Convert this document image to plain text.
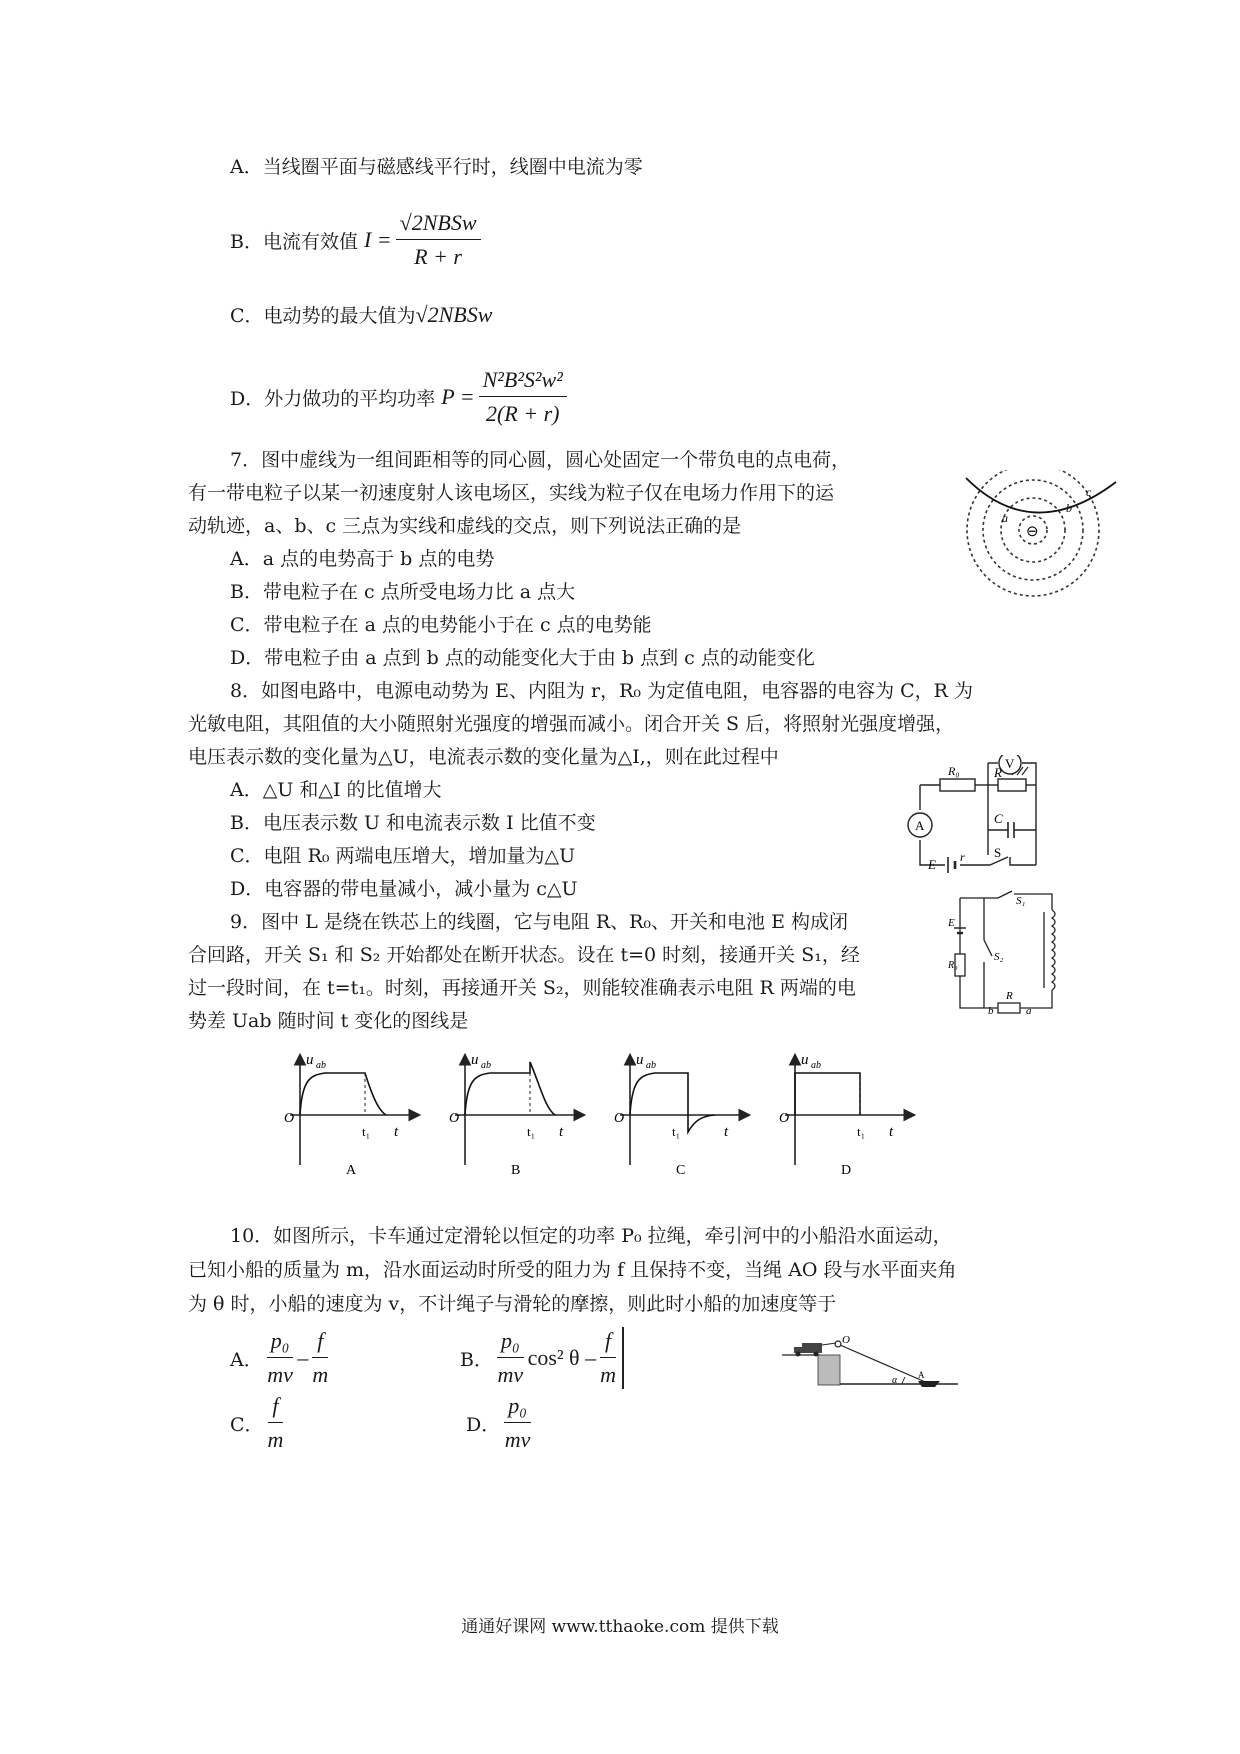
A．当线圈平面与磁感线平行时，线圈中电流为零
B．电流有效值 $I = \frac{\text{√2NBSw}}{R + r}$
C．电动势的最大值为√2NBSw
D．外力做功的平均功率 $P = \frac{\text{N²B²S²w²}}{2(R + r)}$
7．图中虚线为一组间距相等的同心圆，圆心处固定一个带负电的点电荷，
有一带电粒子以某一初速度射人该电场区，实线为粒子仅在电场力作用下的运
动轨迹，a、b、c 三点为实线和虚线的交点，则下列说法正确的是
A．a 点的电势高于 b 点的电势
B．带电粒子在 c 点所受电场力比 a 点大
C．带电粒子在 a 点的电势能小于在 c 点的电势能
D．带电粒子由 a 点到 b 点的动能变化大于由 b 点到 c 点的动能变化
⊖
a
b
c
8．如图电路中，电源电动势为 E、内阻为 r，R₀ 为定值电阻，电容器的电容为 C，R 为
光敏电阻，其阻值的大小随照射光强度的增强而减小。闭合开关 S 后，将照射光强度增强，
电压表示数的变化量为△U，电流表示数的变化量为△I,，则在此过程中
A．△U 和△I 的比值增大
B．电压表示数 U 和电流表示数 I 比值不变
C．电阻 R₀ 两端电压增大，增加量为△U
D．电容器的带电量减小，减小量为 c△U
V
A
R₀	R
C
E r S
9．图中 L 是绕在铁芯上的线圈，它与电阻 R、R₀、开关和电池 E 构成闭
合回路，开关 S₁ 和 S₂ 开始都处在断开状态。设在 t=0 时刻，接通开关 S₁，经
过一段时间，在 t=t₁。时刻，再接通开关 S₂，则能较准确表示电阻 R 两端的电
势差 Uab 随时间 t 变化的图线是
S₁
S₂
E
R₀
R
b	a
u ab
O
t₁ t
A
u ab
O
t₁ t
B
u ab
O
t₁	t
C
u ab
O
t₁ t
D
10．如图所示，卡车通过定滑轮以恒定的功率 P₀ 拉绳，牵引河中的小船沿水面运动，
已知小船的质量为 m，沿水面运动时所受的阻力为 f 且保持不变，当绳 AO 段与水平面夹角
为 θ 时，小船的速度为 v，不计绳子与滑轮的摩擦，则此时小船的加速度等于
A． $\frac{\text{p₀}}{mv} - \frac{f}{m}$	B． $\frac{\text{p₀}}{mv} \cos^2$ θ – $\frac{f}{m}$
C． $\frac{f}{m}$	D． $\frac{\text{p₀}}{mv}$
O
α A
通通好课网 www.tthaoke.com 提供下载
